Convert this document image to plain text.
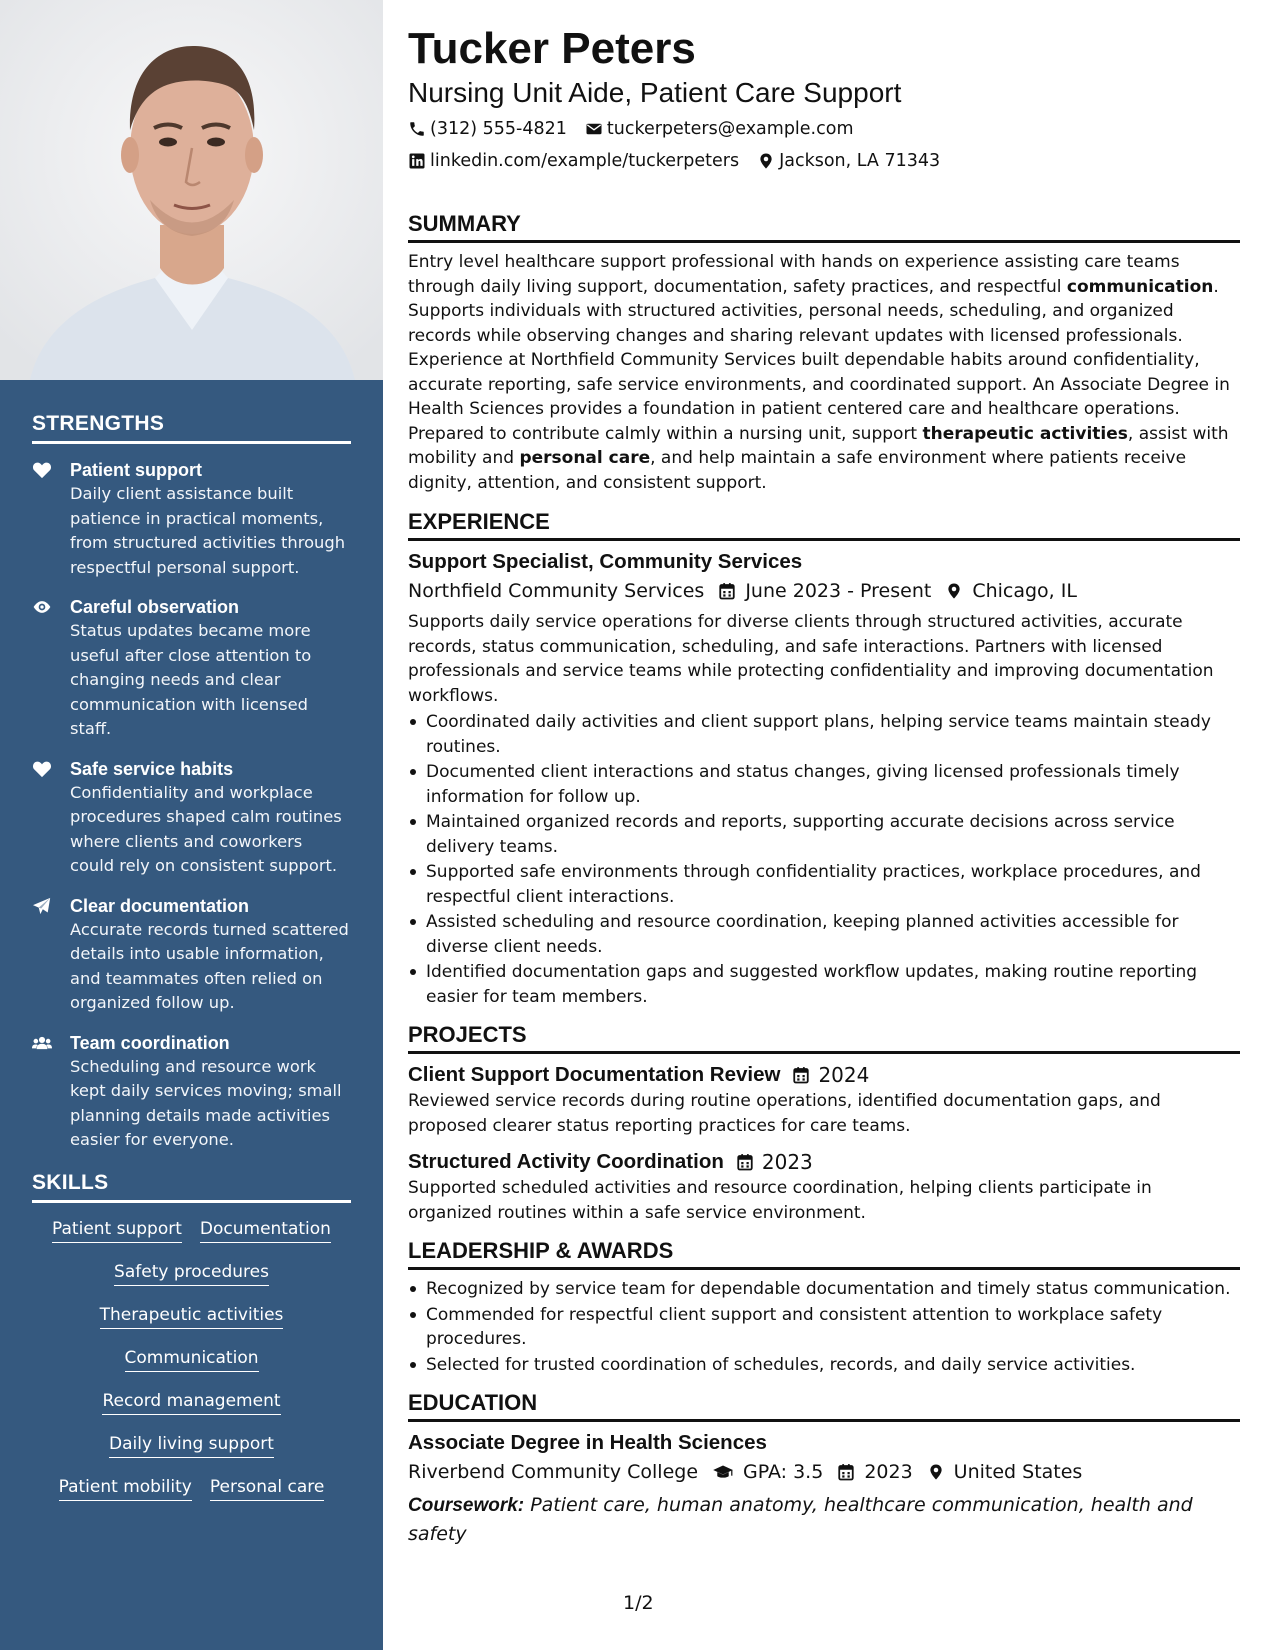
STRENGTHS
Patient support
Daily client assistance built patience in practical moments, from structured activities through respectful personal support.
Careful observation
Status updates became more useful after close attention to changing needs and clear communication with licensed staff.
Safe service habits
Confidentiality and workplace procedures shaped calm routines where clients and coworkers could rely on consistent support.
Clear documentation
Accurate records turned scattered details into usable information, and teammates often relied on organized follow up.
Team coordination
Scheduling and resource work kept daily services moving; small planning details made activities easier for everyone.
SKILLS
Patient support Documentation
Safety procedures
Therapeutic activities
Communication
Record management
Daily living support
Patient mobility Personal care
Tucker Peters
Nursing Unit Aide, Patient Care Support
(312) 555-4821 tuckerpeters@example.com
linkedin.com/example/tuckerpeters Jackson, LA 71343
SUMMARY

Entry level healthcare support professional with hands on experience assisting care teams through daily living support, documentation, safety practices, and respectful communication. Supports individuals with structured activities, personal needs, scheduling, and organized records while observing changes and sharing relevant updates with licensed professionals. Experience at Northfield Community Services built dependable habits around confidentiality, accurate reporting, safe service environments, and coordinated support. An Associate Degree in Health Sciences provides a foundation in patient centered care and healthcare operations. Prepared to contribute calmly within a nursing unit, support therapeutic activities, assist with mobility and personal care, and help maintain a safe environment where patients receive dignity, attention, and consistent support.

EXPERIENCE
Support Specialist, Community Services
Northfield Community Services June 2023 - Present Chicago, IL

Supports daily service operations for diverse clients through structured activities, accurate records, status communication, scheduling, and safe interactions. Partners with licensed professionals and service teams while protecting confidentiality and improving documentation workflows.

Coordinated daily activities and client support plans, helping service teams maintain steady routines.
Documented client interactions and status changes, giving licensed professionals timely information for follow up.
Maintained organized records and reports, supporting accurate decisions across service delivery teams.
Supported safe environments through confidentiality practices, workplace procedures, and respectful client interactions.
Assisted scheduling and resource coordination, keeping planned activities accessible for diverse client needs.
Identified documentation gaps and suggested workflow updates, making routine reporting easier for team members.
PROJECTS
Client Support Documentation Review 2024

Reviewed service records during routine operations, identified documentation gaps, and proposed clearer status reporting practices for care teams.

Structured Activity Coordination 2023

Supported scheduled activities and resource coordination, helping clients participate in organized routines within a safe service environment.

LEADERSHIP & AWARDS
Recognized by service team for dependable documentation and timely status communication.
Commended for respectful client support and consistent attention to workplace safety procedures.
Selected for trusted coordination of schedules, records, and daily service activities.
EDUCATION
Associate Degree in Health Sciences
Riverbend Community College GPA: 3.5 2023 United States
Coursework: Patient care, human anatomy, healthcare communication, health and safety
1/2
